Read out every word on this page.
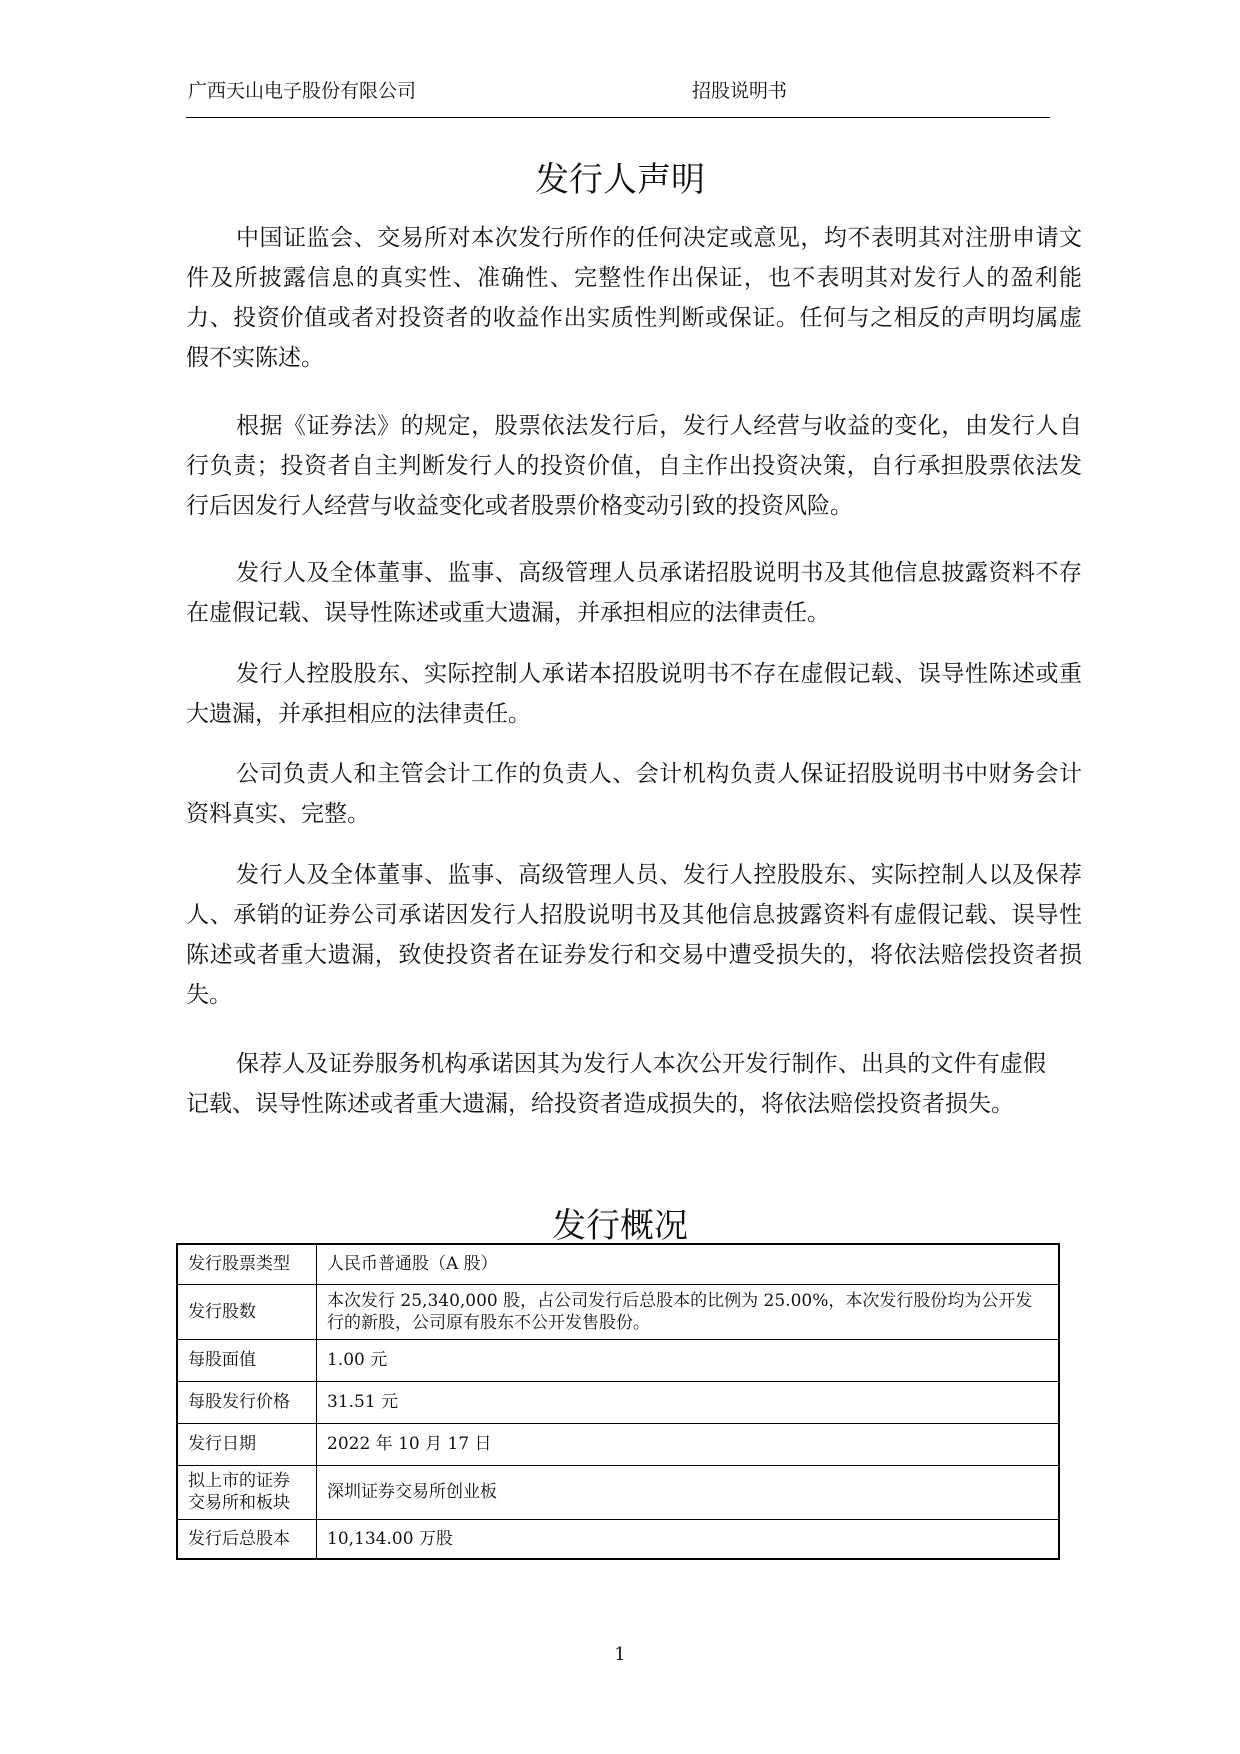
广西天山电子股份有限公司	招股说明书
发行人声明

中国证监会、交易所对本次发行所作的任何决定或意见，均不表明其对注册申请文件及所披露信息的真实性、准确性、完整性作出保证，也不表明其对发行人的盈利能力、投资价值或者对投资者的收益作出实质性判断或保证。任何与之相反的声明均属虚假不实陈述。

根据《证券法》的规定，股票依法发行后，发行人经营与收益的变化，由发行人自行负责；投资者自主判断发行人的投资价值，自主作出投资决策，自行承担股票依法发行后因发行人经营与收益变化或者股票价格变动引致的投资风险。

发行人及全体董事、监事、高级管理人员承诺招股说明书及其他信息披露资料不存在虚假记载、误导性陈述或重大遗漏，并承担相应的法律责任。

发行人控股股东、实际控制人承诺本招股说明书不存在虚假记载、误导性陈述或重大遗漏，并承担相应的法律责任。

公司负责人和主管会计工作的负责人、会计机构负责人保证招股说明书中财务会计资料真实、完整。

发行人及全体董事、监事、高级管理人员、发行人控股股东、实际控制人以及保荐人、承销的证券公司承诺因发行人招股说明书及其他信息披露资料有虚假记载、误导性陈述或者重大遗漏，致使投资者在证券发行和交易中遭受损失的，将依法赔偿投资者损失。

保荐人及证券服务机构承诺因其为发行人本次公开发行制作、出具的文件有虚假记载、误导性陈述或者重大遗漏，给投资者造成损失的，将依法赔偿投资者损失。

发行概况
发行股票类型	人民币普通股（A 股）
发行股数	本次发行 25,340,000 股，占公司发行后总股本的比例为 25.00%，本次发行股份均为公开发行的新股，公司原有股东不公开发售股份。
每股面值	1.00 元
每股发行价格	31.51 元
发行日期	2022 年 10 月 17 日
拟上市的证券交易所和板块	深圳证券交易所创业板
发行后总股本	10,134.00 万股
1
